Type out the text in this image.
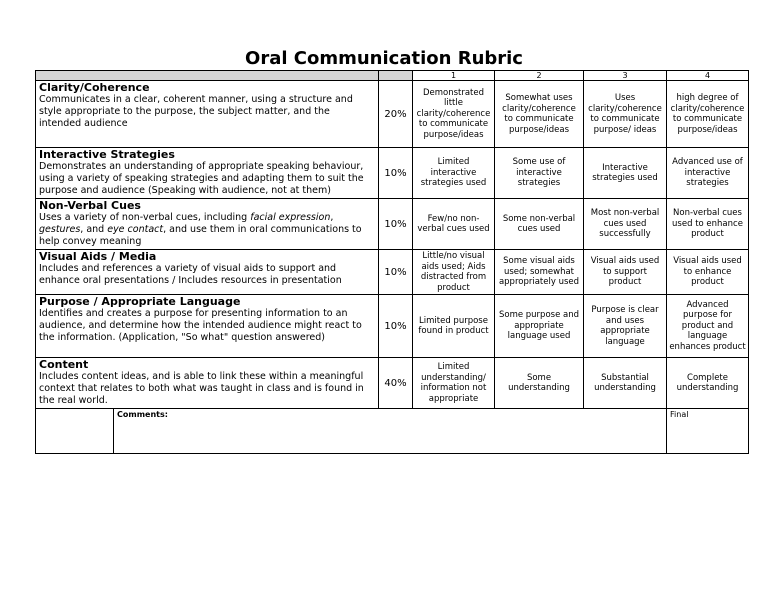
Oral Communication Rubric
			1	2	3	4

Clarity/Coherence
Communicates in a clear, coherent manner, using a structure and style appropriate to the purpose, the subject matter, and the intended audience		20%	Demonstrated little clarity/coherence to communicate purpose/ideas	Somewhat uses clarity/coherence to communicate purpose/ideas	Uses clarity/coherence to communicate purpose/ ideas	high degree of clarity/coherence to communicate purpose/ideas

Interactive Strategies
Demonstrates an understanding of appropriate speaking behaviour, using a variety of speaking strategies and adapting them to suit the purpose and audience (Speaking with audience, not at them)		10%	Limited interactive strategies used	Some use of interactive strategies	Interactive strategies used	Advanced use of interactive strategies

Non-Verbal Cues
Uses a variety of non-verbal cues, including facial expression, gestures, and eye contact, and use them in oral communications to help convey meaning		10%	Few/no non-verbal cues used	Some non-verbal cues used	Most non-verbal cues used successfully	Non-verbal cues used to enhance product

Visual Aids / Media
Includes and references a variety of visual aids to support and enhance oral presentations / Includes resources in presentation		10%	Little/no visual aids used; Aids distracted from product	Some visual aids used; somewhat appropriately used	Visual aids used to support product	Visual aids used to enhance product

Purpose / Appropriate Language
Identifies and creates a purpose for presenting information to an audience, and determine how the intended audience might react to the information. (Application, "So what" question answered)		10%	Limited purpose found in product	Some purpose and appropriate language used	Purpose is clear and uses appropriate language	Advanced purpose for product and language enhances product

Content
Includes content ideas, and is able to link these within a meaningful context that relates to both what was taught in class and is found in the real world.		40%	Limited understanding/ information not appropriate	Some understanding	Substantial understanding	Complete understanding
	Comments:					Final
